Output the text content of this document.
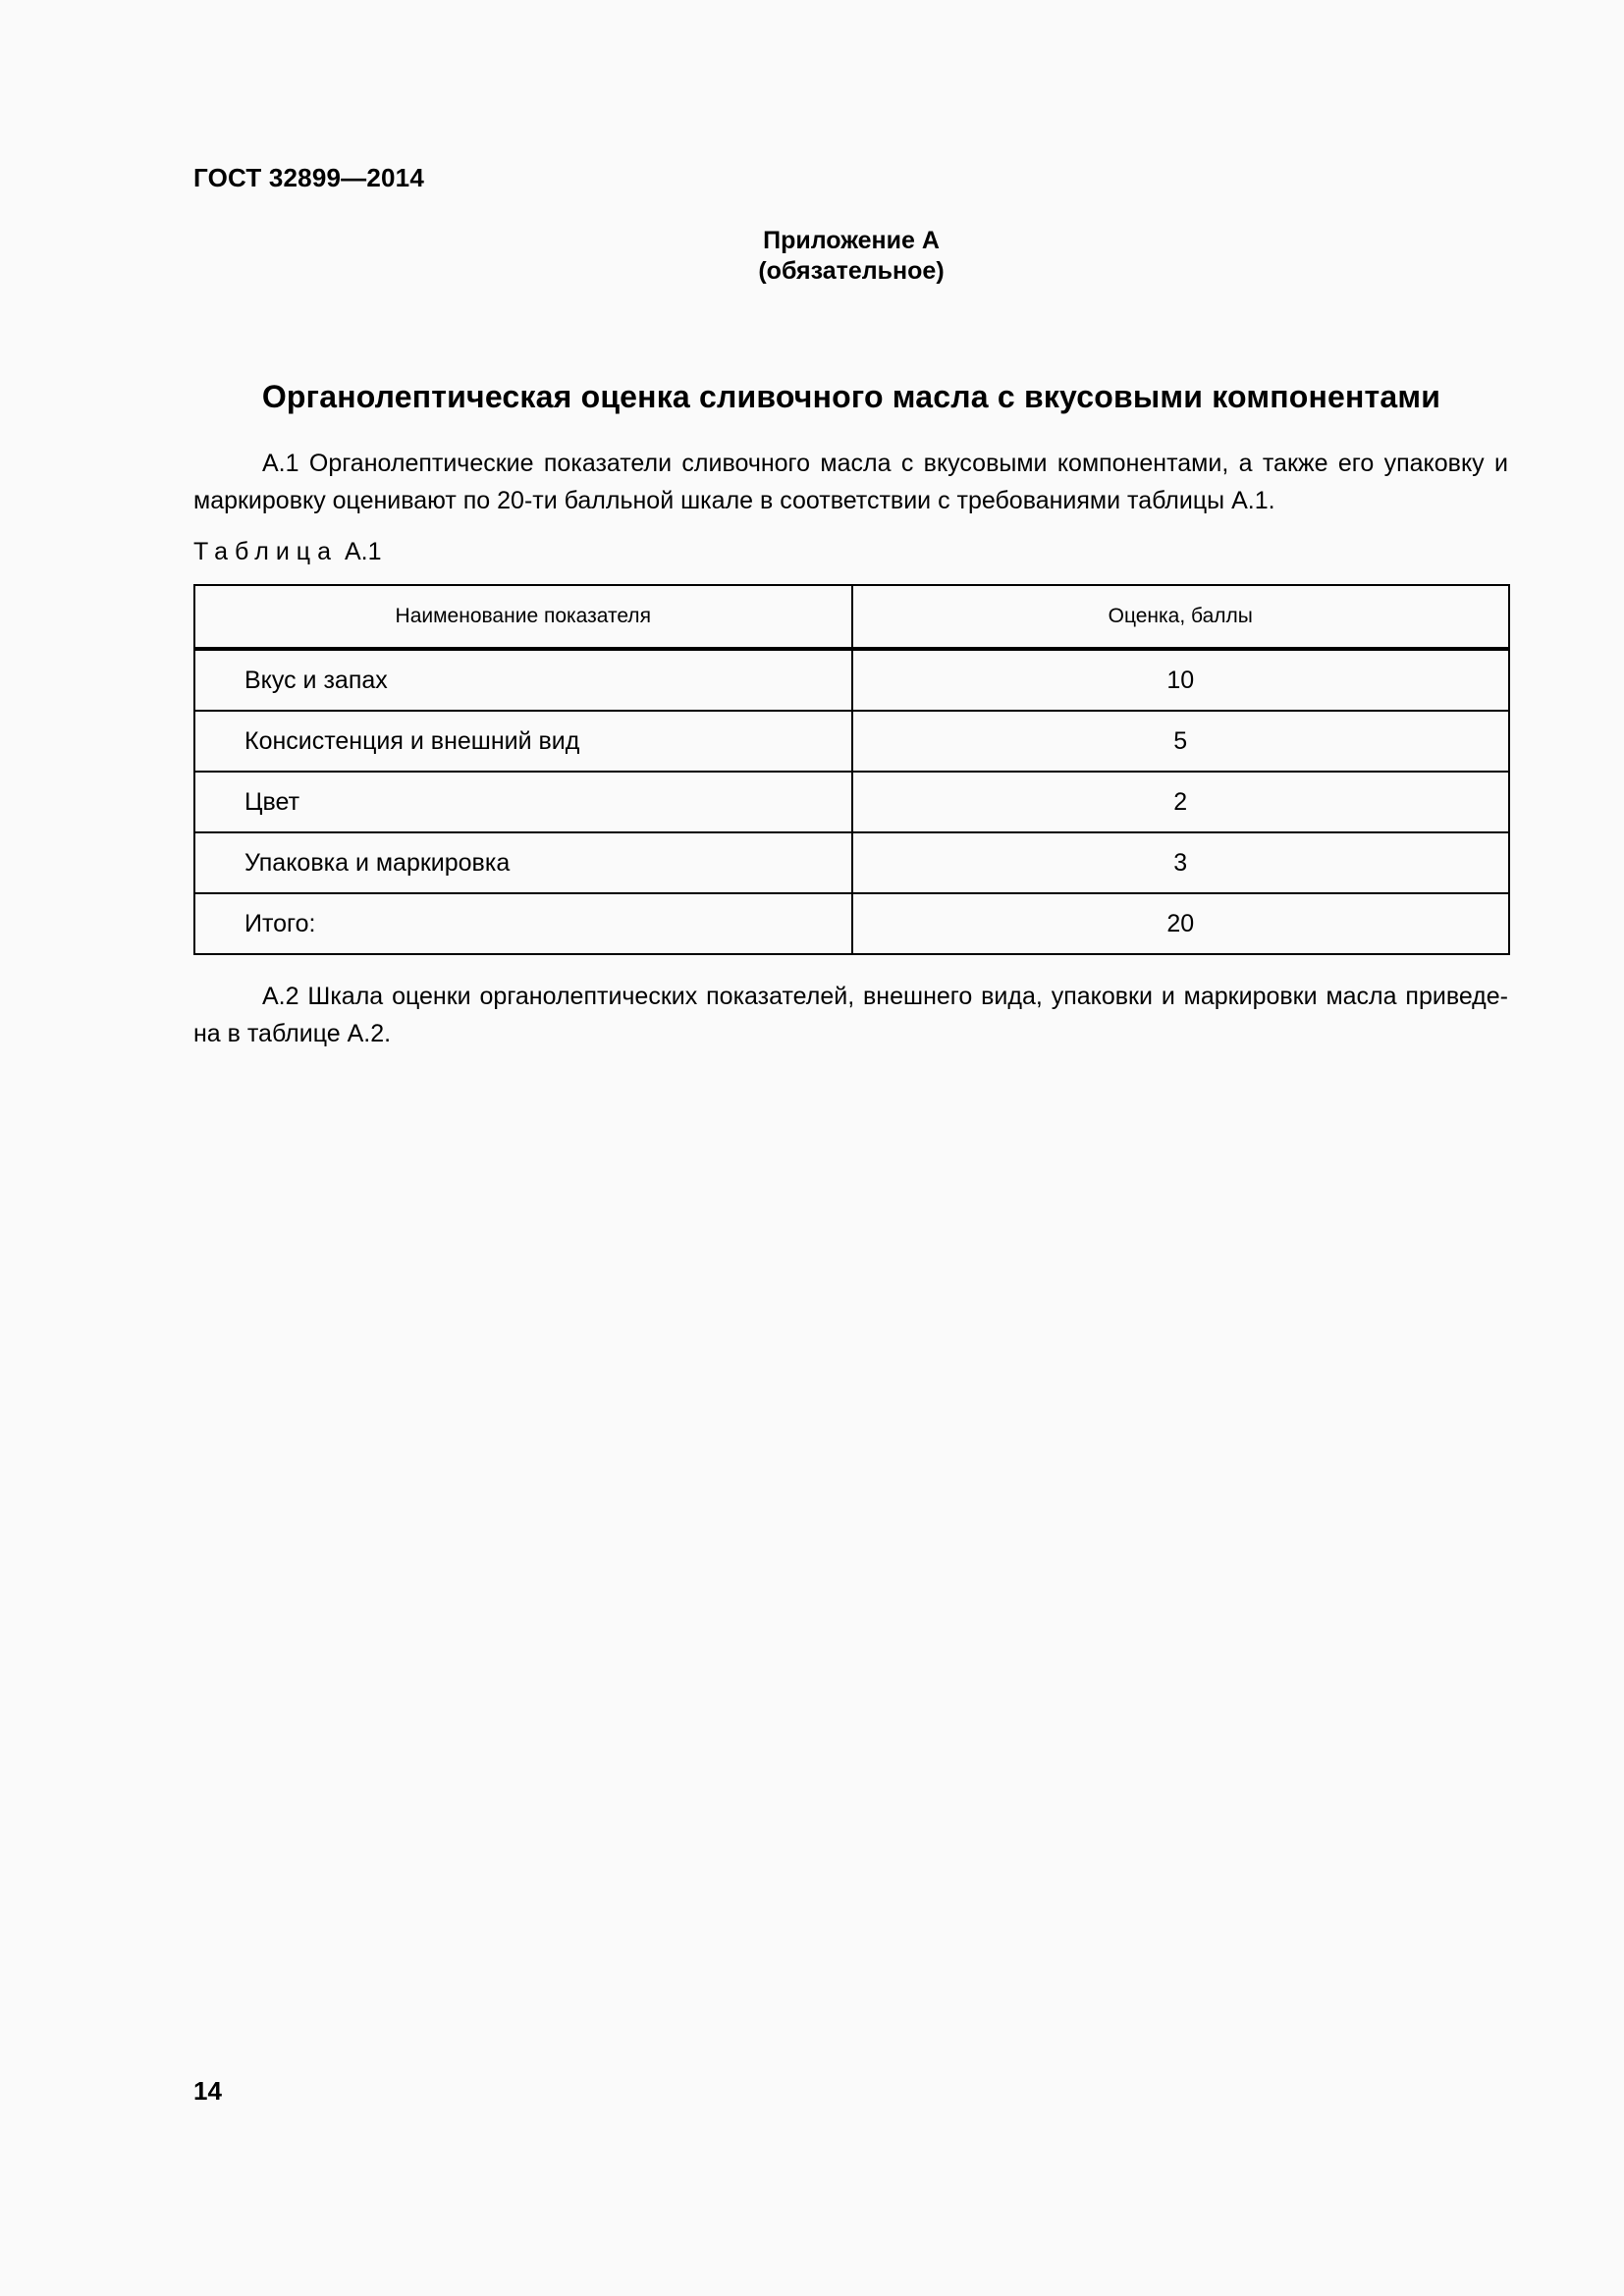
ГОСТ 32899—2014
Приложение А
(обязательное)
Органолептическая оценка сливочного масла с вкусовыми компонентами
А.1 Органолептические показатели сливочного масла с вкусовыми компонентами, а также его упаковку и маркировку оценивают по 20-ти балльной шкале в соответствии с требованиями таблицы А.1.
Таблица А.1
Наименование показателя	Оценка, баллы
Вкус и запах	10
Консистенция и внешний вид	5
Цвет	2
Упаковка и маркировка	3
Итого:	20
А.2 Шкала оценки органолептических показателей, внешнего вида, упаковки и маркировки масла приведе-на в таблице А.2.
14
